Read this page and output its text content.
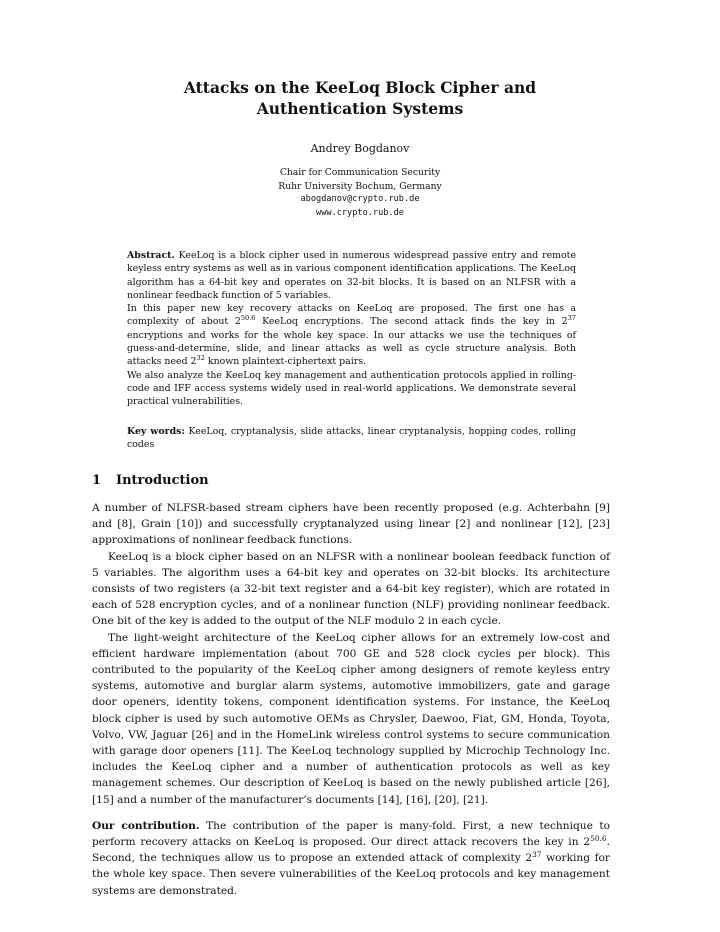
Attacks on the KeeLoq Block Cipher and
Authentication Systems
Andrey Bogdanov
Chair for Communication Security
Ruhr University Bochum, Germany
abogdanov@crypto.rub.de
www.crypto.rub.de

Abstract. KeeLoq is a block cipher used in numerous widespread passive entry and remote keyless entry systems as well as in various component identification applications. The KeeLoq algorithm has a 64-bit key and operates on 32-bit blocks. It is based on an NLFSR with a nonlinear feedback function of 5 variables.

In this paper new key recovery attacks on KeeLoq are proposed. The first one has a complexity of about $2^{50.6}$ KeeLoq encryptions. The second attack finds the key in $2^{37}$ encryptions and works for the whole key space. In our attacks we use the techniques of guess-and-determine, slide, and linear attacks as well as cycle structure analysis. Both attacks need $2^{32}$ known plaintext-ciphertext pairs.

We also analyze the KeeLoq key management and authentication protocols applied in rolling-code and IFF access systems widely used in real-world applications. We demonstrate several practical vulnerabilities.

Key words: KeeLoq, cryptanalysis, slide attacks, linear cryptanalysis, hopping codes, rolling codes
1 Introduction

A number of NLFSR-based stream ciphers have been recently proposed (e.g. Achterbahn [9] and [8], Grain [10]) and successfully cryptanalyzed using linear [2] and nonlinear [12], [23] approximations of nonlinear feedback functions.

KeeLoq is a block cipher based on an NLFSR with a nonlinear boolean feedback function of 5 variables. The algorithm uses a 64-bit key and operates on 32-bit blocks. Its architecture consists of two registers (a 32-bit text register and a 64-bit key register), which are rotated in each of 528 encryption cycles, and of a nonlinear function (NLF) providing nonlinear feedback. One bit of the key is added to the output of the NLF modulo 2 in each cycle.

The light-weight architecture of the KeeLoq cipher allows for an extremely low-cost and efficient hardware implementation (about 700 GE and 528 clock cycles per block). This contributed to the popularity of the KeeLoq cipher among designers of remote keyless entry systems, automotive and burglar alarm systems, automotive immobilizers, gate and garage door openers, identity tokens, component identification systems. For instance, the KeeLoq block cipher is used by such automotive OEMs as Chrysler, Daewoo, Fiat, GM, Honda, Toyota, Volvo, VW, Jaguar [26] and in the HomeLink wireless control systems to secure communication with garage door openers [11]. The KeeLoq technology supplied by Microchip Technology Inc. includes the KeeLoq cipher and a number of authentication protocols as well as key management schemes. Our description of KeeLoq is based on the newly published article [26], [15] and a number of the manufacturer’s documents [14], [16], [20], [21].

Our contribution. The contribution of the paper is many-fold. First, a new technique to perform recovery attacks on KeeLoq is proposed. Our direct attack recovers the key in $2^{50.6}$. Second, the techniques allow us to propose an extended attack of complexity $2^{37}$ working for the whole key space. Then severe vulnerabilities of the KeeLoq protocols and key management systems are demonstrated.
